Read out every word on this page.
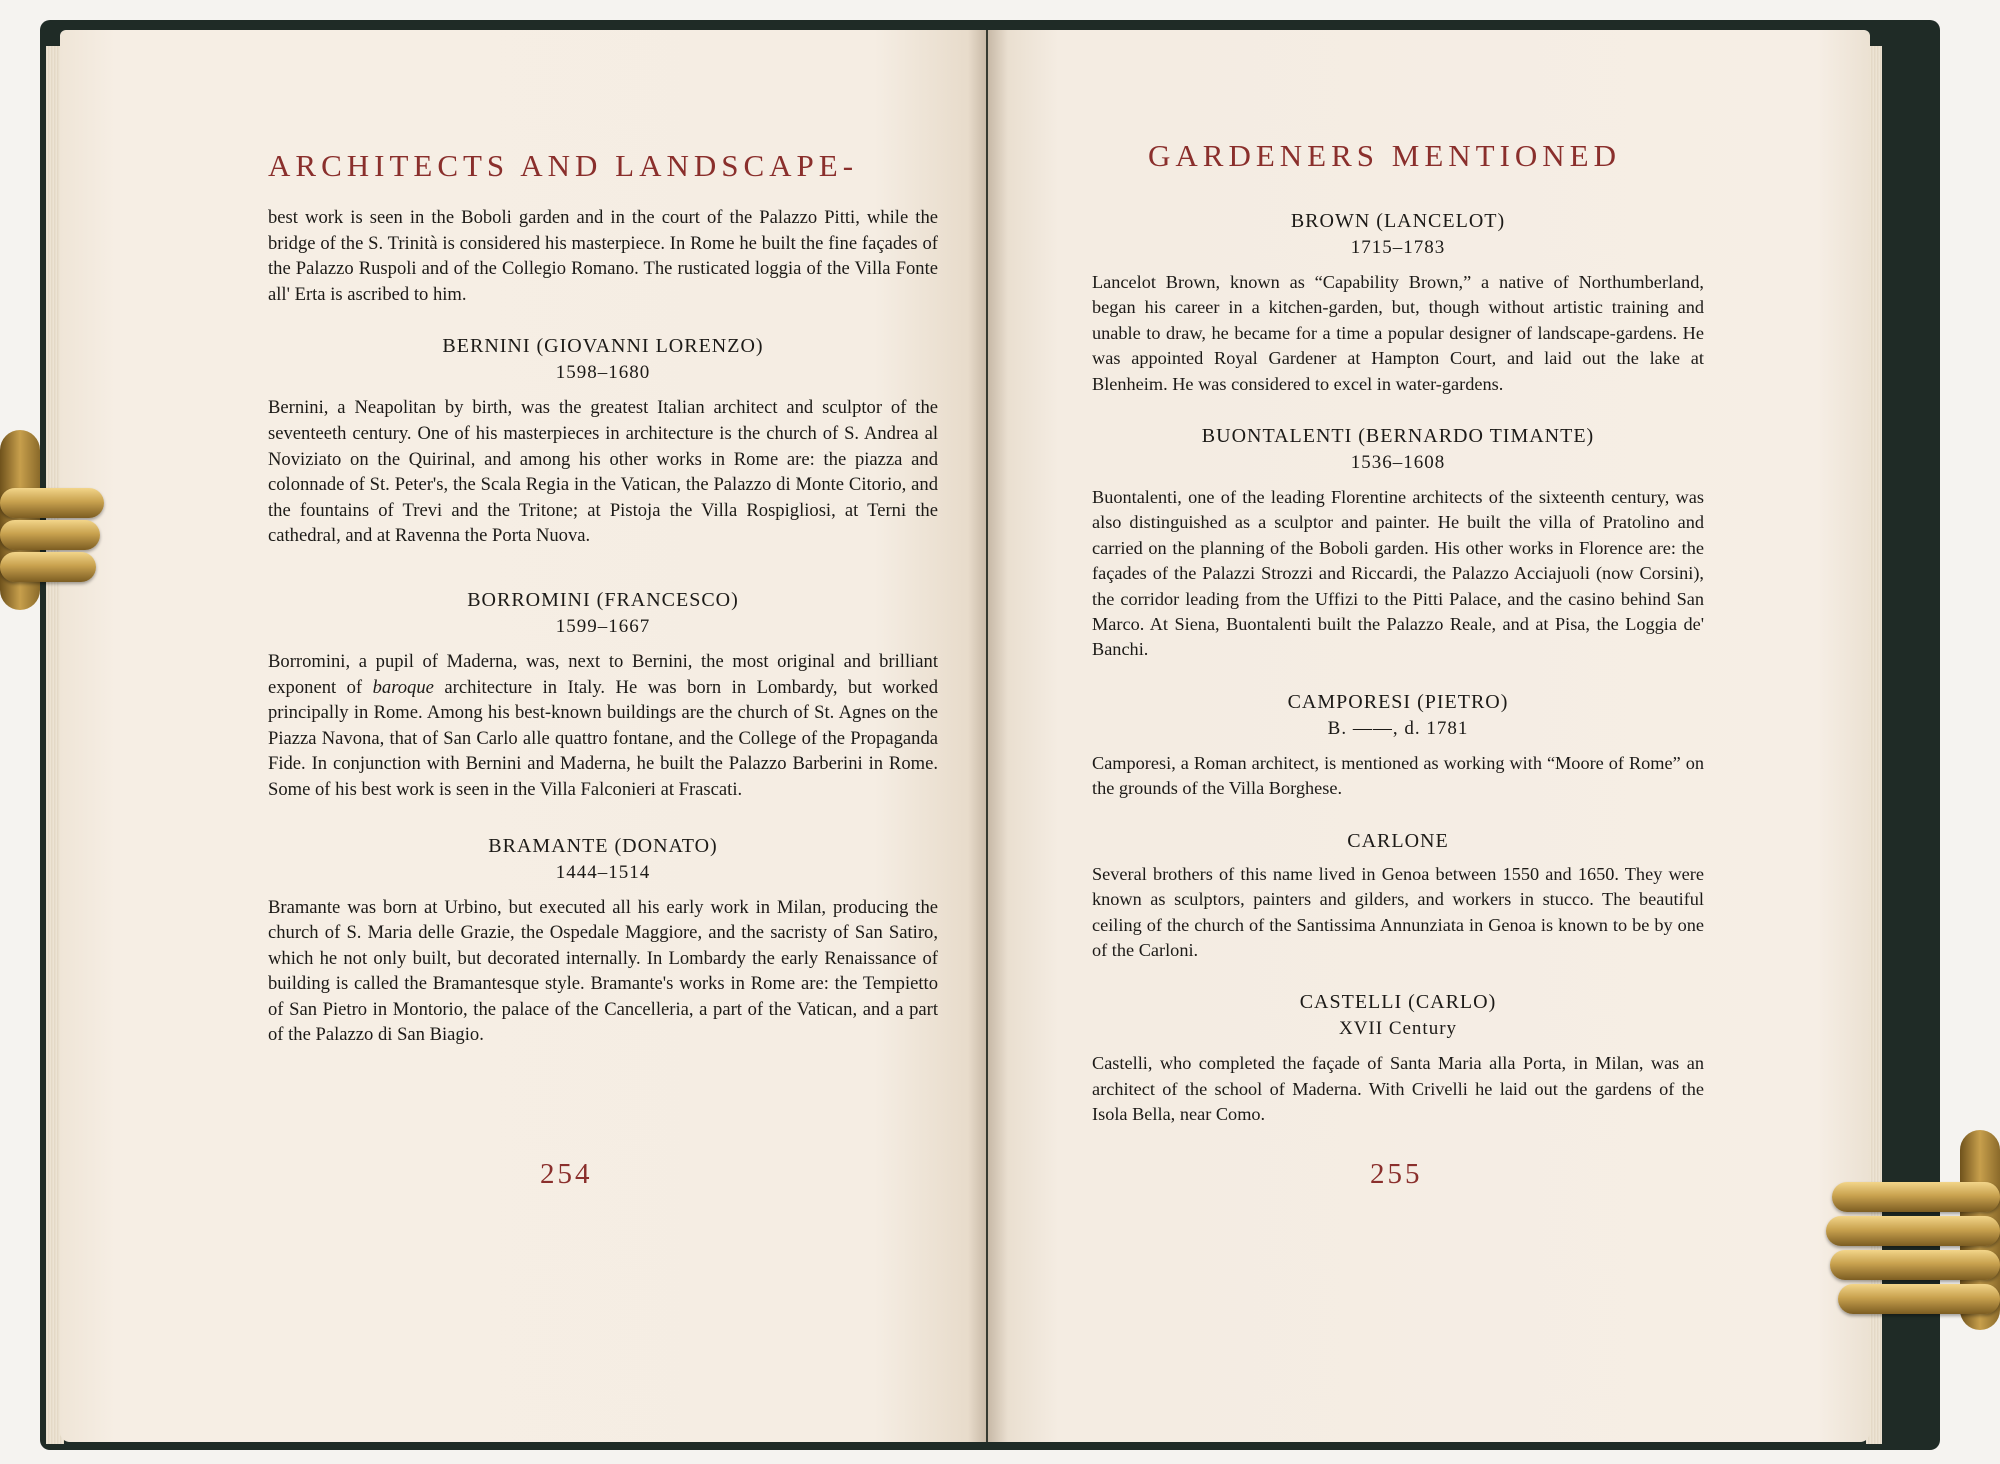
ARCHITECTS AND LANDSCAPE-

best work is seen in the Boboli garden and in the court of the Palazzo Pitti, while the bridge of the S. Trinità is considered his masterpiece. In Rome he built the fine façades of the Palazzo Ruspoli and of the Collegio Romano. The rusticated loggia of the Villa Fonte all' Erta is ascribed to him.

BERNINI (GIOVANNI LORENZO)

1598–1680

Bernini, a Neapolitan by birth, was the greatest Italian architect and sculptor of the seventeeth century. One of his masterpieces in architecture is the church of S. Andrea al Noviziato on the Quirinal, and among his other works in Rome are: the piazza and colonnade of St. Peter's, the Scala Regia in the Vatican, the Palazzo di Monte Citorio, and the fountains of Trevi and the Tritone; at Pistoja the Villa Rospigliosi, at Terni the cathedral, and at Ravenna the Porta Nuova.

BORROMINI (FRANCESCO)

1599–1667

Borromini, a pupil of Maderna, was, next to Bernini, the most original and brilliant exponent of baroque architecture in Italy. He was born in Lombardy, but worked principally in Rome. Among his best-known buildings are the church of St. Agnes on the Piazza Navona, that of San Carlo alle quattro fontane, and the College of the Propaganda Fide. In conjunction with Bernini and Maderna, he built the Palazzo Barberini in Rome. Some of his best work is seen in the Villa Falconieri at Frascati.

BRAMANTE (DONATO)

1444–1514

Bramante was born at Urbino, but executed all his early work in Milan, producing the church of S. Maria delle Grazie, the Ospedale Maggiore, and the sacristy of San Satiro, which he not only built, but decorated internally. In Lombardy the early Renaissance of building is called the Bramantesque style. Bramante's works in Rome are: the Tempietto of San Pietro in Montorio, the palace of the Cancelleria, a part of the Vatican, and a part of the Palazzo di San Biagio.

254
GARDENERS MENTIONED

BROWN (LANCELOT)

1715–1783

Lancelot Brown, known as “Capability Brown,” a native of Northumberland, began his career in a kitchen-garden, but, though without artistic training and unable to draw, he became for a time a popular designer of landscape-gardens. He was appointed Royal Gardener at Hampton Court, and laid out the lake at Blenheim. He was considered to excel in water-gardens.

BUONTALENTI (BERNARDO TIMANTE)

1536–1608

Buontalenti, one of the leading Florentine architects of the sixteenth century, was also distinguished as a sculptor and painter. He built the villa of Pratolino and carried on the planning of the Boboli garden. His other works in Florence are: the façades of the Palazzi Strozzi and Riccardi, the Palazzo Acciajuoli (now Corsini), the corridor leading from the Uffizi to the Pitti Palace, and the casino behind San Marco. At Siena, Buontalenti built the Palazzo Reale, and at Pisa, the Loggia de' Banchi.

CAMPORESI (PIETRO)

B. ——, d. 1781

Camporesi, a Roman architect, is mentioned as working with “Moore of Rome” on the grounds of the Villa Borghese.

CARLONE

Several brothers of this name lived in Genoa between 1550 and 1650. They were known as sculptors, painters and gilders, and workers in stucco. The beautiful ceiling of the church of the Santissima Annunziata in Genoa is known to be by one of the Carloni.

CASTELLI (CARLO)

XVII Century

Castelli, who completed the façade of Santa Maria alla Porta, in Milan, was an architect of the school of Maderna. With Crivelli he laid out the gardens of the Isola Bella, near Como.

255
